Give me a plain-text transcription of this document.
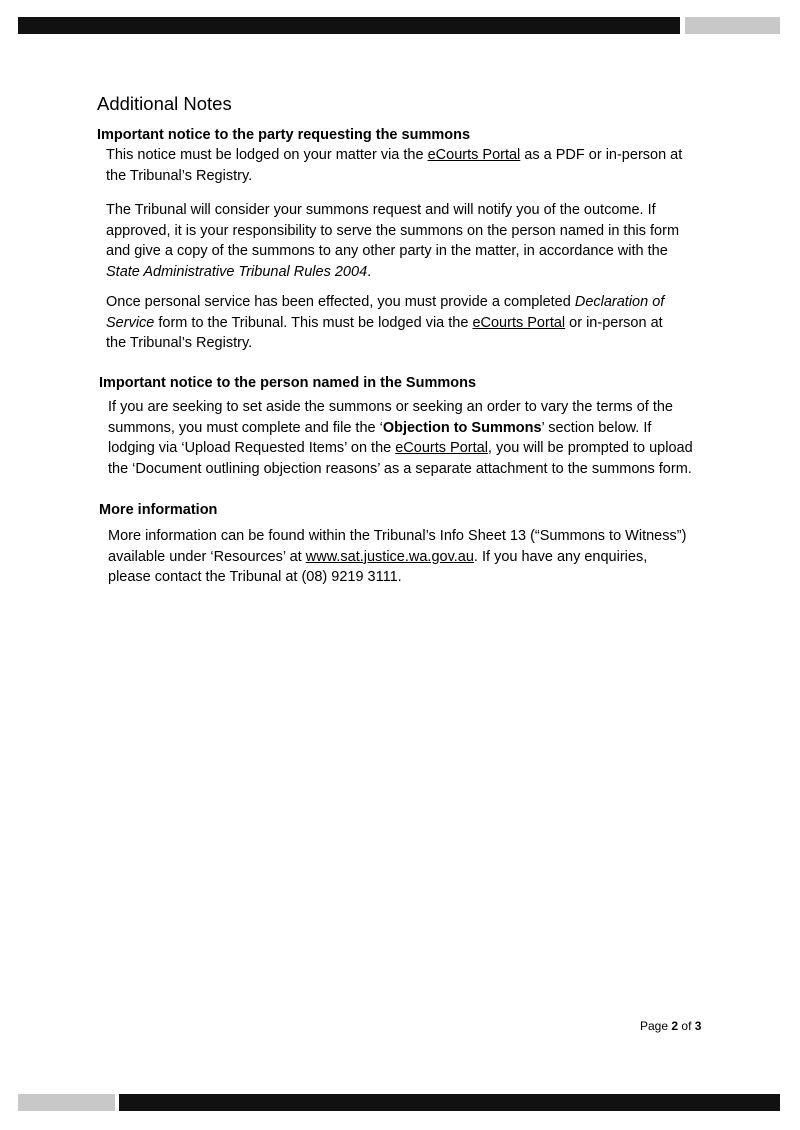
Additional Notes
Important notice to the party requesting the summons

This notice must be lodged on your matter via the eCourts Portal as a PDF or in-person at
the Tribunal’s Registry.

The Tribunal will consider your summons request and will notify you of the outcome. If
approved, it is your responsibility to serve the summons on the person named in this form
and give a copy of the summons to any other party in the matter, in accordance with the
State Administrative Tribunal Rules 2004.

Once personal service has been effected, you must provide a completed Declaration of
Service form to the Tribunal. This must be lodged via the eCourts Portal or in-person at
the Tribunal’s Registry.

Important notice to the person named in the Summons

If you are seeking to set aside the summons or seeking an order to vary the terms of the
summons, you must complete and file the ‘Objection to Summons’ section below. If
lodging via ‘Upload Requested Items’ on the eCourts Portal, you will be prompted to upload
the ‘Document outlining objection reasons’ as a separate attachment to the summons form.

More information

More information can be found within the Tribunal’s Info Sheet 13 (“Summons to Witness”)
available under ‘Resources’ at www.sat.justice.wa.gov.au. If you have any enquiries,
please contact the Tribunal at (08) 9219 3111.

Page 2 of 3
